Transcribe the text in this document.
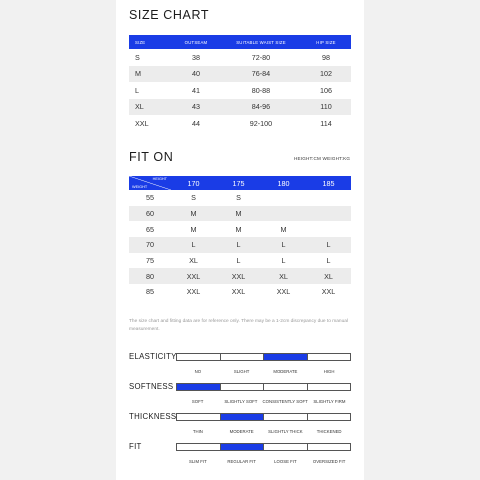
SIZE CHART
SIZE	OUTSEAM	SUITABLE WAIST SIZE	HIP SIZE
S	38	72-80	98
M	40	76-84	102
L	41	80-88	106
XL	43	84-96	110
XXL	44	92-100	114
FIT ON	HEIGHT:CM WEIGHT:KG
HEIGHT
WEIGHT	170	175	180	185
55	S	S		
60	M	M		
65	M	M	M	
70	L	L	L	L
75	XL	L	L	L
80	XXL	XXL	XL	XL
85	XXL	XXL	XXL	XXL
The size chart and fitting data are for reference only. There may be a 1-2cm discrepancy due to manual measurement.
ELASTICITY
NO	SLIGHT	MODERATE	HIGH
SOFTNESS
SOFT	SLIGHTLY SOFT	CONSISTENTLY SOFT	SLIGHTLY FIRM
THICKNESS
THIN	MODERATE	SLIGHTLY THICK	THICKENED
FIT
SLIM FIT	REGULAR FIT	LOOSE FIT	OVERSIZED FIT
